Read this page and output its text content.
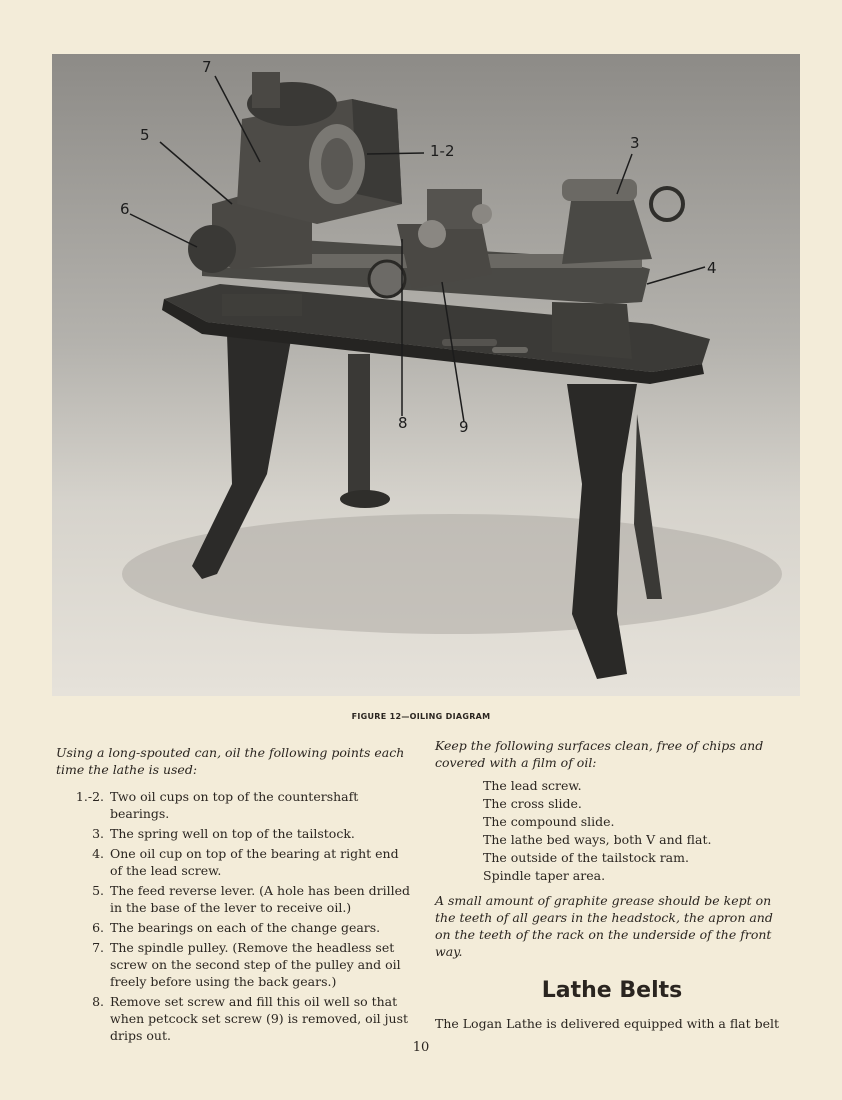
7
5
6
1-2	3
4
8	9
FIGURE 12—OILING DIAGRAM

Using a long-spouted can, oil the following points each time the lathe is used:

1.-2. Two oil cups on top of the countershaft bearings.
3. The spring well on top of the tailstock.
4. One oil cup on top of the bearing at right end of the lead screw.
5. The feed reverse lever. (A hole has been drilled in the base of the lever to receive oil.)
6. The bearings on each of the change gears.
7. The spindle pulley. (Remove the headless set screw on the second step of the pulley and oil freely before using the back gears.)
8. Remove set screw and fill this oil well so that when petcock set screw (9) is removed, oil just drips out.

Keep the following surfaces clean, free of chips and covered with a film of oil:

The lead screw.
The cross slide.
The compound slide.
The lathe bed ways, both V and flat.
The outside of the tailstock ram.
Spindle taper area.

A small amount of graphite grease should be kept on the teeth of all gears in the headstock, the apron and on the teeth of the rack on the underside of the front way.

Lathe Belts

The Logan Lathe is delivered equipped with a flat belt

10
